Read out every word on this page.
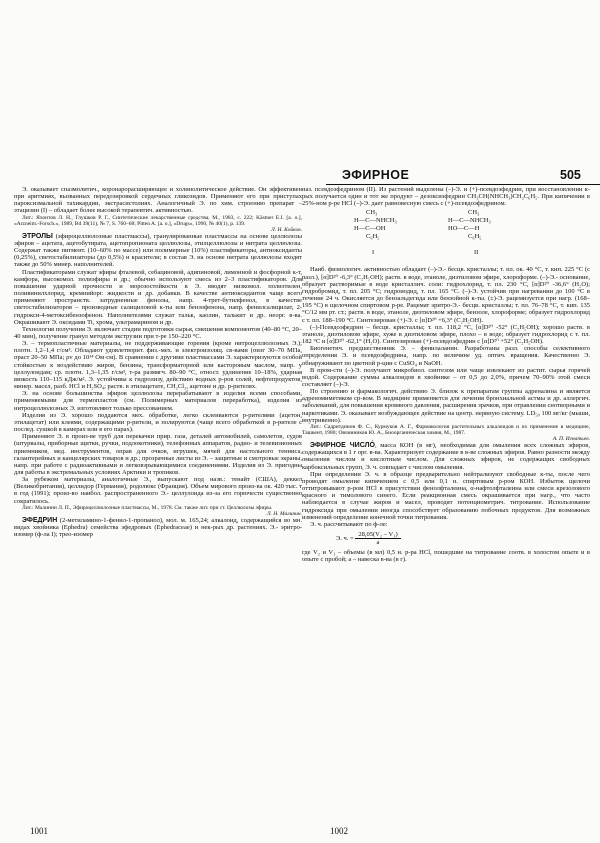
ЭФИРНОЕ	505

Э. оказывает спазмолитич., коронарорасширяющее и холинолитическое действие. Он эффективен при аритмиях, вызванных передозировкой сердечных гликозидов. Применяют его при приступах пароксизмальной тахикардии, экстрасистолиях. Аналогичный Э. по хим. строению препарат – этацизин (I) – обладает более высокой терапевтич. активностью.

Лит.: Яхонтов Л. Н., Глушков Р. Г., Синтетические лекарственные средства, М., 1983, с. 222; Kästner E.I. [a. o.], «Arzneim.-Forsch.», 1989, Bd 39(11), № 7, S. 760–68; Pitten A. [a. o.], «Drugs», 1990, № 40(1), p. 139.

Л. Н. Койков.

ЭТРОЛЫ (эфироцеллюлозные пластмассы), гранулированные пластмассы на основе целлюлозы эфиров – ацетата, ацетобутирата, ацетопропионата целлюлозы, этилцеллюлозы и нитрата целлюлозы. Содержат также пигмент. (10–60% по массе) или полимерные (10%) пластификаторы, антиоксиданты (0,25%), светостабилизаторы (до 0,5%) и красители; в состав Э. на основе нитрата целлюлозы входят также до 50% минер. наполнителей.

Пластификаторами служат эфиры фталевой, себациновой, адипиновой, лимонной и фосфорной к-т, камфора, высокомол. полиэфиры и др.; обычно используют смесь из 2–3 пластификаторов. Для повышения ударной прочности и морозостойкости в Э. вводят низкомол. полиэтилен, поливинилхлорид, кремнийорг. жидкости и др. добавки. В качестве антиоксидантов чаще всего применяют пространств. затрудненные фенолы, напр. 4-трет-бутилфенол, в качестве светостабилизаторов – производные салициловой к-ты или бензофенона, напр. фенилсалицилат, 2-гидрокси-4-метоксибензофенон. Наполнителями служат тальк, каолин, талькит и др. неорг. в-ва. Окрашивают Э. оксидами Ti, хрома, ультрамарином и др.

Технология получения Э. включает стадии подготовки сырья, смешения компонентов (40–80 °С, 20–40 мин), получение гранул методом экструзии при т-ре 150–220 °С.

Э. – термопластичные материалы, не поддерживающие горения (кроме нитроцеллюлозных Э.); плотн. 1,2–1,4 г/см³. Обладают удовлетворит. физ.-мех. и электроизоляц. св-вами (σизг 30–70 МПа, σраст 20–50 МПа; ρv до 10¹⁴ Ом·см). В сравнении с другими пластмассами Э. характеризуются особой стойкостью к воздействию жиров, бензина, трансформаторной или касторовым маслом, напр. у целлулоидам; ср. плотн. 1,3–1,35 г/см³, т-ра размягч. 80–90 °С, отност. удлинение 10–18%, ударная вязкость 110–115 кДж/м². Э. устойчивы к гидролизу, действию водных р-ров солей, нефтепродуктов, минер. масел, разб. HCl и H₂SO₄; раств. в этилацетате, CH₂Cl₂, ацетоне и др. р-рителях.

Э. на основе большинства эфиров целлюлозы перерабатывают в изделия всеми способами, применяемыми для термопластов (см. Полимерных материалов переработка), изделия из нитроцеллюлозных Э. изготовляют только прессованием.

Изделия из Э. хорошо поддаются мех. обработке, легко склеиваются р-рителями (ацетон, этилацетат) или клеями, содержащими р-рители, и полируются (чаще всего обработкой в р-рителе с послед. сушкой в камерах или в его парах).

Применяют Э. в произ-ве труб для перекачки прир. газа, деталей автомобилей, самолетов, судов (штурвалы, приборные щитки, ручки, подлокотники), телефонных аппаратов, радио- и телевизионных приемников, мед. инструментов, оправ для очков, игрушек, мячей для настольного тенниса, галантерейных и канцелярских товаров и др.; прозрачные листы из Э. – защитные и смотровые экраны, напр. при работе с радиоактивными и легковзрывающимися соединениями. Изделия из Э. пригодны для работы в экстремальных условиях Арктики и тропиков.

За рубежом материалы, аналогичные Э., выпускают под назв.: тенайт (США), деккел (Великобритания), целлидор (Германия), родолюкс (Франция). Объем мирового произ-ва ок. 420 тыс. т в год (1991); произ-во наибол. распространенного Э.- целлулоида из-за его горючести существенно сократилось.

Лит.: Малинин Л. П., Эфироцеллюлозные пластмассы, М., 1978. См. также лит. при ст. Целлюлозы эфиры.

Л. Н. Малинин.

ЭФЕДРИН (2-метиламино-1-фенил-1-пропанол), мол. м. 165,24; алкалоид, содержащийся во мн. видах хвойника (Ephedra) семейства эфедровых (Ephedraceae) и нек-рых др. растениях. Э.- эритро-изомер (ф-ла I); трео-изомер

наз. псевдоэфедрином (II). Из растений выделены (–)-Э. и (+)-псевдоэфедрин, при восстановлении к-рых получается один и тот же продукт – дезоксиэфедрин CH₃CH(NHCH₃)CH₂C₆H₅. При кипячении в 25%-ном р-ре HCl (–)-Э. дает равновесную смесь с (+)-псевдоэфедрином.

CH₃
H—C—NHCH₃
H—C—OH
C₆H₅
I
CH₃
H—C—NHCH₃
HO—C—H
C₆H₅
II

Наиб. физиологич. активностью обладает (–)-Э.- бесцв. кристаллы; т. пл. ок. 40 °С, т. кип. 225 °С (с разл.), [α]D²⁰ -6,3° (C₂H₅OH); раств. в воде, этаноле, диэтиловом эфире, хлороформе. (–)-Э.- основание, образует растворимые в воде кристаллич. соли: гидрохлорид, т. пл. 230 °С, [α]D²⁰ -36,6° (H₂O); гидробромид, т. пл. 205 °С; гидроиодид, т. пл. 165 °С. (–)-Э. устойчив при нагревании до 100 °С в течение 24 ч. Окисляется до бензальдегида или бензойной к-ты. (±)-Э. рацемизуется при нагр. (168–195 °С) в щелочном спиртовом р-ре. Рацемат эритро-Э.- бесцв. кристаллы; т. пл. 76–78 °С, т. кип. 135 °С/12 мм рт. ст.; раств. в воде, этаноле, диэтиловом эфире, бензоле, хлороформе; образует гидрохлорид с т. пл. 188–190 °С. Синтезирован (+)-Э. с [α]D²⁰ +6,3° (C₂H₅OH).

(–)-Псевдоэфедрин – бесцв. кристаллы; т. пл. 118,2 °С, [α]D²⁰ -52° (C₂H₅OH); хорошо раств. в этаноле, диэтиловом эфире, хуже в диэтиловом эфире, плохо – в воде; образует гидрохлорид с т. пл. 182 °С и [α]D²⁰ -62,1° (H₂O). Синтезирован (+)-псевдоэфедрин с [α]D²⁰ +52° (C₂H₅OH).

Биогенетич. предшественник Э. – фенилаланин. Разработаны разл. способы селективного определения Э. и псевдоэфедрина, напр. по величине уд. оптич. вращения. Качественно Э. обнаруживают по цветной р-ции с CuSO₄ и NaOH.

В пром-сти (–)-Э. получают микробиол. синтезом или чаще извлекают из растит. сырья горячей водой. Содержание суммы алкалоидов в хвойнике – от 0,5 до 2,0%, причем 70–90% этой смеси составляет (–)-Э.

По строению и фармакологич. действию Э. близок к препаратам группы адреналина и является адреномиметиком ср-вом. В медицине применяется для лечения бронхиальной астмы и др. аллергич. заболеваний, для повышения кровяного давления, расширения зрачков, при отравлении снотворными и наркотиками. Э. оказывает возбуждающее действие на центр. нервную систему. LD₅₀ 100 мг/кг (мыши, внутривенно).

Лит.: Садритдинов Ф. С., Курмуков А. Г., Фармакология растительных алкалоидов и их применение в медицине, Ташкент, 1980; Овчинников Ю. А., Биоорганическая химия, М., 1987.

А. П. Игнатьев.

ЭФИРНОЕ ЧИСЛО́, масса КОН (в мг), необходимая для омыления всех сложных эфиров, содержащихся в 1 г орг. в-ва. Характеризует содержание в в-ве сложных эфиров. Равно разности между омыления числом и кислотным числом. Для сложных эфиров, не содержащих свободных карбоксильных групп, Э. ч. совпадает с числом омыления.

При определении Э. ч. в образце предварительно нейтрализуют свободные к-ты, после чего проводят омыление кипячением с 0,5 или 0,1 н. спиртовым р-ром КОН. Избыток щелочи оттитровывают р-ром HCl в присутствии фенолфталеина, α-нафтолфталеина или смеси крезолового красного и тимолового синего. Если реакционная смесь окрашивается при нагр., что часто наблюдается в случае жиров и масел, проводят потенциометрич. титрование. Использование гидроксида при омылении иногда способствует образованию побочных продуктов. Для возможных изменений определение конечной точки титрования.

Э. ч. рассчитывают по ф-ле:

Э. ч. = $\frac{\text{28,05(V₂ – V₁)}}{a}$

где V₂ и V₁ – объемы (в мл) 0,5 н. р-ра HCl, пошедшие на титрование соотв. в холостом опыте и в опыте с пробой; a – навеска в-ва (в г).

1001	1002
